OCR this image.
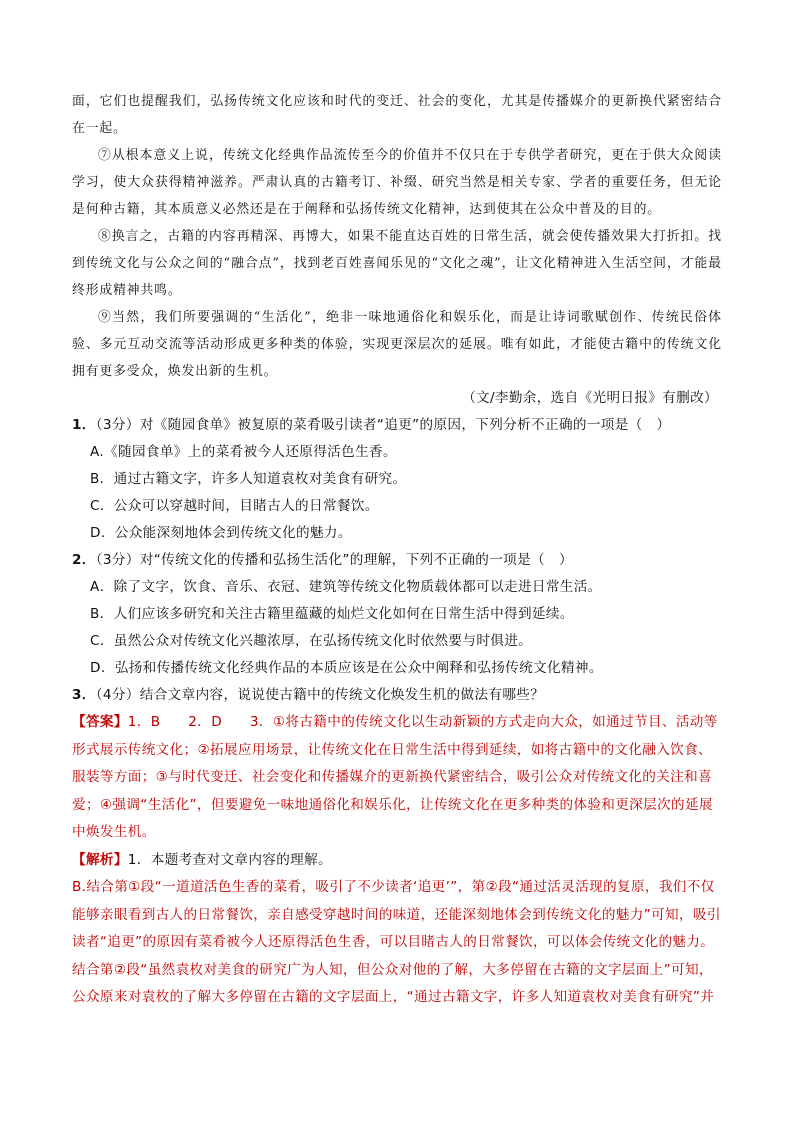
面，它们也提醒我们，弘扬传统文化应该和时代的变迁、社会的变化，尤其是传播媒介的更新换代紧密结合在一起。

⑦从根本意义上说，传统文化经典作品流传至今的价值并不仅只在于专供学者研究，更在于供大众阅读学习，使大众获得精神滋养。严肃认真的古籍考订、补缀、研究当然是相关专家、学者的重要任务，但无论是何种古籍，其本质意义必然还是在于阐释和弘扬传统文化精神，达到使其在公众中普及的目的。

⑧换言之，古籍的内容再精深、再博大，如果不能直达百姓的日常生活，就会使传播效果大打折扣。找到传统文化与公众之间的“融合点”，找到老百姓喜闻乐见的“文化之魂”，让文化精神进入生活空间，才能最终形成精神共鸣。

⑨当然，我们所要强调的“生活化”，绝非一味地通俗化和娱乐化，而是让诗词歌赋创作、传统民俗体验、多元互动交流等活动形成更多种类的体验，实现更深层次的延展。唯有如此，才能使古籍中的传统文化拥有更多受众，焕发出新的生机。

（文/李勤余，选自《光明日报》有删改）

1．（3分）对《随园食单》被复原的菜肴吸引读者“追更”的原因，下列分析不正确的一项是（　）

A.《随园食单》上的菜肴被今人还原得活色生香。

B．通过古籍文字，许多人知道袁枚对美食有研究。

C．公众可以穿越时间，目睹古人的日常餐饮。

D．公众能深刻地体会到传统文化的魅力。

2．（3分）对“传统文化的传播和弘扬生活化”的理解，下列不正确的一项是（　）

A．除了文字，饮食、音乐、衣冠、建筑等传统文化物质载体都可以走进日常生活。

B．人们应该多研究和关注古籍里蕴藏的灿烂文化如何在日常生活中得到延续。

C．虽然公众对传统文化兴趣浓厚，在弘扬传统文化时依然要与时俱进。

D．弘扬和传播传统文化经典作品的本质应该是在公众中阐释和弘扬传统文化精神。

3．（4分）结合文章内容，说说使古籍中的传统文化焕发生机的做法有哪些？

【答案】1．B　　2．D　　3．①将古籍中的传统文化以生动新颖的方式走向大众，如通过节目、活动等形式展示传统文化；②拓展应用场景，让传统文化在日常生活中得到延续，如将古籍中的文化融入饮食、服装等方面；③与时代变迁、社会变化和传播媒介的更新换代紧密结合，吸引公众对传统文化的关注和喜爱；④强调“生活化”，但要避免一味地通俗化和娱乐化，让传统文化在更多种类的体验和更深层次的延展中焕发生机。

【解析】1．本题考查对文章内容的理解。

B.结合第①段“一道道活色生香的菜肴，吸引了不少读者‘追更’”，第②段“通过活灵活现的复原，我们不仅能够亲眼看到古人的日常餐饮，亲自感受穿越时间的味道，还能深刻地体会到传统文化的魅力”可知，吸引读者“追更”的原因有菜肴被今人还原得活色生香，可以目睹古人的日常餐饮，可以体会传统文化的魅力。结合第②段“虽然袁枚对美食的研究广为人知，但公众对他的了解，大多停留在古籍的文字层面上”可知，公众原来对袁枚的了解大多停留在古籍的文字层面上，“通过古籍文字，许多人知道袁枚对美食有研究”并
